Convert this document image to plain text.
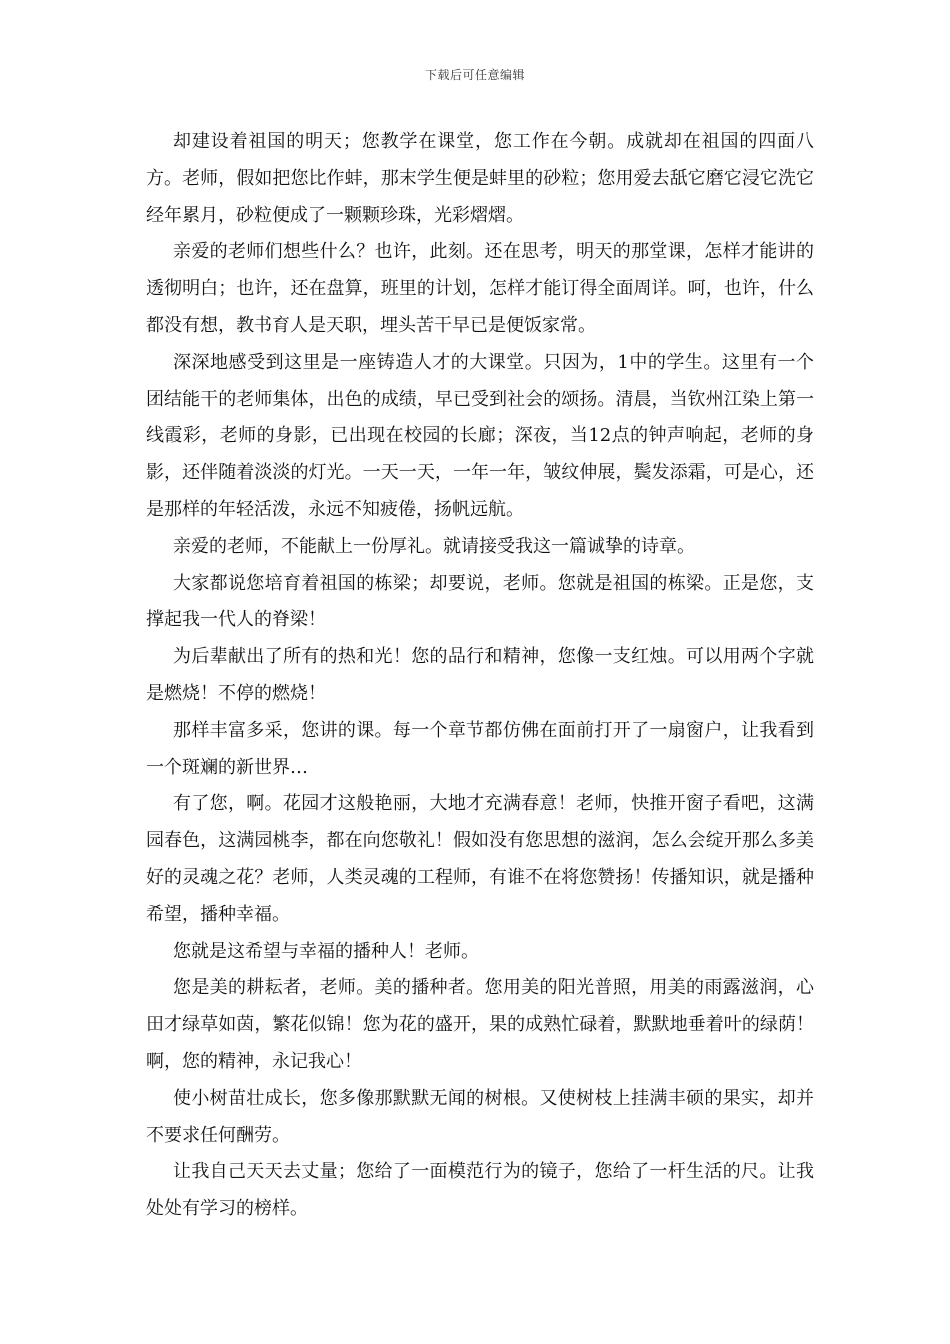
下载后可任意编辑

却建设着祖国的明天；您教学在课堂，您工作在今朝。成就却在祖国的四面八方。老师，假如把您比作蚌，那末学生便是蚌里的砂粒；您用爱去舐它磨它浸它洗它经年累月，砂粒便成了一颗颗珍珠，光彩熠熠。

亲爱的老师们想些什么？也许，此刻。还在思考，明天的那堂课，怎样才能讲的透彻明白；也许，还在盘算，班里的计划，怎样才能订得全面周详。呵，也许，什么都没有想，教书育人是天职，埋头苦干早已是便饭家常。

深深地感受到这里是一座铸造人才的大课堂。只因为，1中的学生。这里有一个团结能干的老师集体，出色的成绩，早已受到社会的颂扬。清晨，当钦州江染上第一线霞彩，老师的身影，已出现在校园的长廊；深夜，当12点的钟声响起，老师的身影，还伴随着淡淡的灯光。一天一天，一年一年，皱纹伸展，鬓发添霜，可是心，还是那样的年轻活泼，永远不知疲倦，扬帆远航。

亲爱的老师，不能献上一份厚礼。就请接受我这一篇诚挚的诗章。

大家都说您培育着祖国的栋梁；却要说，老师。您就是祖国的栋梁。正是您，支撑起我一代人的脊梁！

为后辈献出了所有的热和光！您的品行和精神，您像一支红烛。可以用两个字就是燃烧！不停的燃烧！

那样丰富多采，您讲的课。每一个章节都仿佛在面前打开了一扇窗户，让我看到一个斑斓的新世界…

有了您，啊。花园才这般艳丽，大地才充满春意！老师，快推开窗子看吧，这满园春色，这满园桃李，都在向您敬礼！假如没有您思想的滋润，怎么会绽开那么多美好的灵魂之花？老师，人类灵魂的工程师，有谁不在将您赞扬！传播知识，就是播种希望，播种幸福。

您就是这希望与幸福的播种人！老师。

您是美的耕耘者，老师。美的播种者。您用美的阳光普照，用美的雨露滋润，心田才绿草如茵，繁花似锦！您为花的盛开，果的成熟忙碌着，默默地垂着叶的绿荫！啊，您的精神，永记我心！

使小树苗壮成长，您多像那默默无闻的树根。又使树枝上挂满丰硕的果实，却并不要求任何酬劳。

让我自己天天去丈量；您给了一面模范行为的镜子，您给了一杆生活的尺。让我处处有学习的榜样。
